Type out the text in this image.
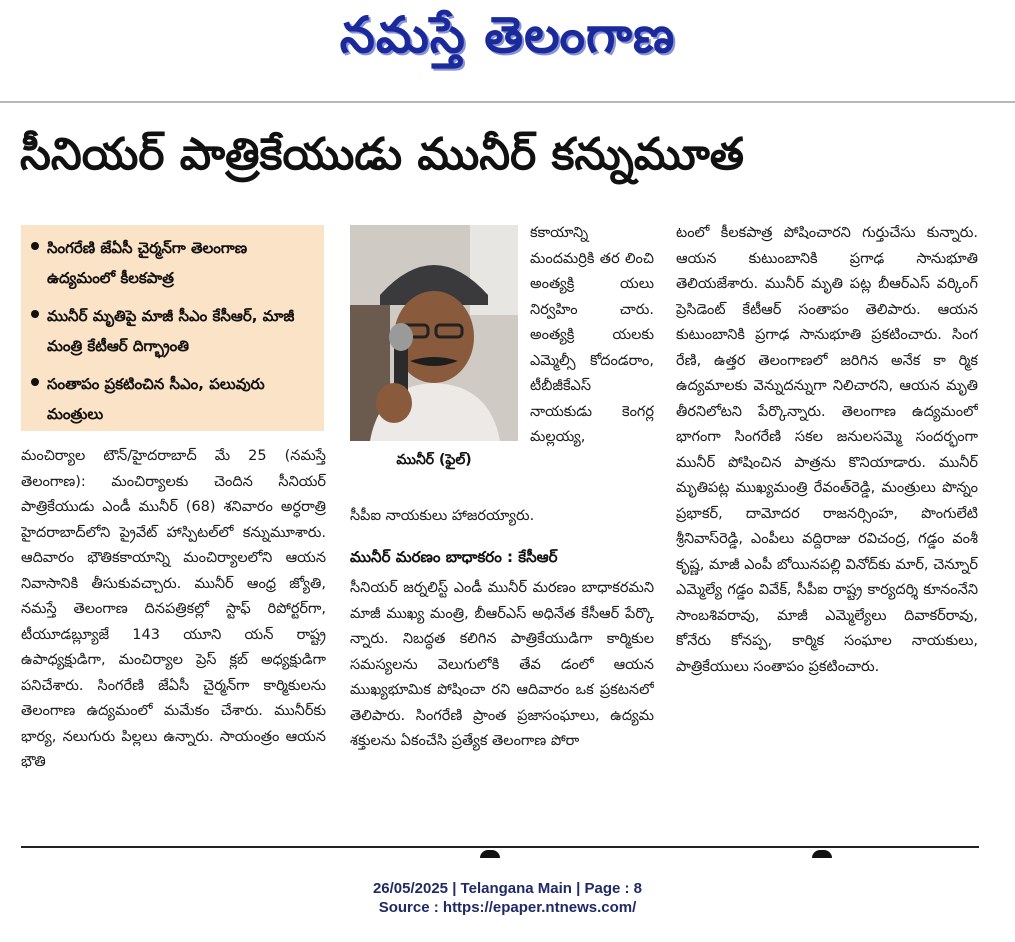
నమస్తే తెలంగాణ
సీనియర్ పాత్రికేయుడు మునీర్ కన్నుమూత
సింగరేణి జేఏసీ చైర్మన్‌గా తెలంగాణ ఉద్యమంలో కీలకపాత్ర
మునీర్ మృతిపై మాజీ సీఎం కేసీఆర్, మాజీ మంత్రి కేటీఆర్ దిగ్భ్రాంతి
సంతాపం ప్రకటించిన సీఎం, పలువురు మంత్రులు

మంచిర్యాల టౌన్/హైదరాబాద్ మే 25 (నమస్తే తెలంగాణ): మంచిర్యాలకు చెందిన సీనియర్ పాత్రికేయుడు ఎండీ మునీర్ (68) శనివారం అర్ధరాత్రి హైదరాబాద్‌లోని ప్రైవేట్ హాస్పిటల్‌లో కన్నుమూశారు. ఆదివారం భౌతికకాయాన్ని మంచిర్యాలలోని ఆయన నివాసానికి తీసుకువచ్చారు. మునీర్ ఆంధ్ర జ్యోతి, నమస్తే తెలంగాణ దినపత్రికల్లో స్టాఫ్ రిపోర్టర్‌గా, టీయూడబ్ల్యూజే 143 యూని యన్ రాష్ట్ర ఉపాధ్యక్షుడిగా, మంచిర్యాల ప్రెస్ క్లబ్ అధ్యక్షుడిగా పనిచేశారు. సింగరేణి జేఏసీ చైర్మన్‌గా కార్మికులను తెలంగాణ ఉద్యమంలో మమేకం చేశారు. మునీర్‌కు భార్య, నలుగురు పిల్లలు ఉన్నారు. సాయంత్రం ఆయన భౌతి

మునీర్ (ఫైల్)

కకాయాన్ని మందమర్రికి తర లించి అంత్యక్రి యలు నిర్వహిం చారు. అంత్యక్రి యలకు ఎమ్మెల్సీ కోదండరాం, టీబీజీకేఎస్ నాయకుడు కెంగర్ల మల్లయ్య,

సీపీఐ నాయకులు హాజరయ్యారు.

మునీర్ మరణం బాధాకరం : కేసీఆర్

సీనియర్ జర్నలిస్ట్ ఎండీ మునీర్ మరణం బాధాకరమని మాజీ ముఖ్య మంత్రి, బీఆర్‌ఎస్ అధినేత కేసీఆర్ పేర్కొ న్నారు. నిబద్ధత కలిగిన పాత్రికేయుడిగా కార్మికుల సమస్యలను వెలుగులోకి తేవ డంలో ఆయన ముఖ్యభూమిక పోషించా రని ఆదివారం ఒక ప్రకటనలో తెలిపారు. సింగరేణి ప్రాంత ప్రజాసంఘాలు, ఉద్యమ శక్తులను ఏకంచేసి ప్రత్యేక తెలంగాణ పోరా

టంలో కీలకపాత్ర పోషించారని గుర్తుచేసు కున్నారు. ఆయన కుటుంబానికి ప్రగాఢ సానుభూతి తెలియజేశారు. మునీర్ మృతి పట్ల బీఆర్‌ఎస్ వర్కింగ్ ప్రెసిడెంట్ కేటీఆర్ సంతాపం తెలిపారు. ఆయన కుటుంబానికి ప్రగాఢ సానుభూతి ప్రకటించారు. సింగ రేణి, ఉత్తర తెలంగాణలో జరిగిన అనేక కా ర్మిక ఉద్యమాలకు వెన్నుదన్నుగా నిలిచారని, ఆయన మృతి తీరనిలోటని పేర్కొన్నారు. తెలంగాణ ఉద్యమంలో భాగంగా సింగరేణి సకల జనులసమ్మె సందర్భంగా మునీర్ పోషించిన పాత్రను కొనియాడారు. మునీర్ మృతిపట్ల ముఖ్యమంత్రి రేవంత్‌రెడ్డి, మంత్రులు పొన్నం ప్రభాకర్, దామోదర రాజనర్సింహ, పొంగులేటి శ్రీనివాస్‌రెడ్డి, ఎంపీలు వద్దిరాజు రవిచంద్ర, గడ్డం వంశీ కృష్ణ, మాజీ ఎంపీ బోయినపల్లి వినోద్‌కు మార్, చెన్నూర్ ఎమ్మెల్యే గడ్డం వివేక్, సీపీఐ రాష్ట్ర కార్యదర్శి కూనంనేని సాంబశివరావు, మాజీ ఎమ్మెల్యేలు దివాకర్‌రావు, కోనేరు కోనప్ప, కార్మిక సంఘాల నాయకులు, పాత్రికేయులు సంతాపం ప్రకటించారు.

26/05/2025 | Telangana Main | Page : 8
Source : https://epaper.ntnews.com/
